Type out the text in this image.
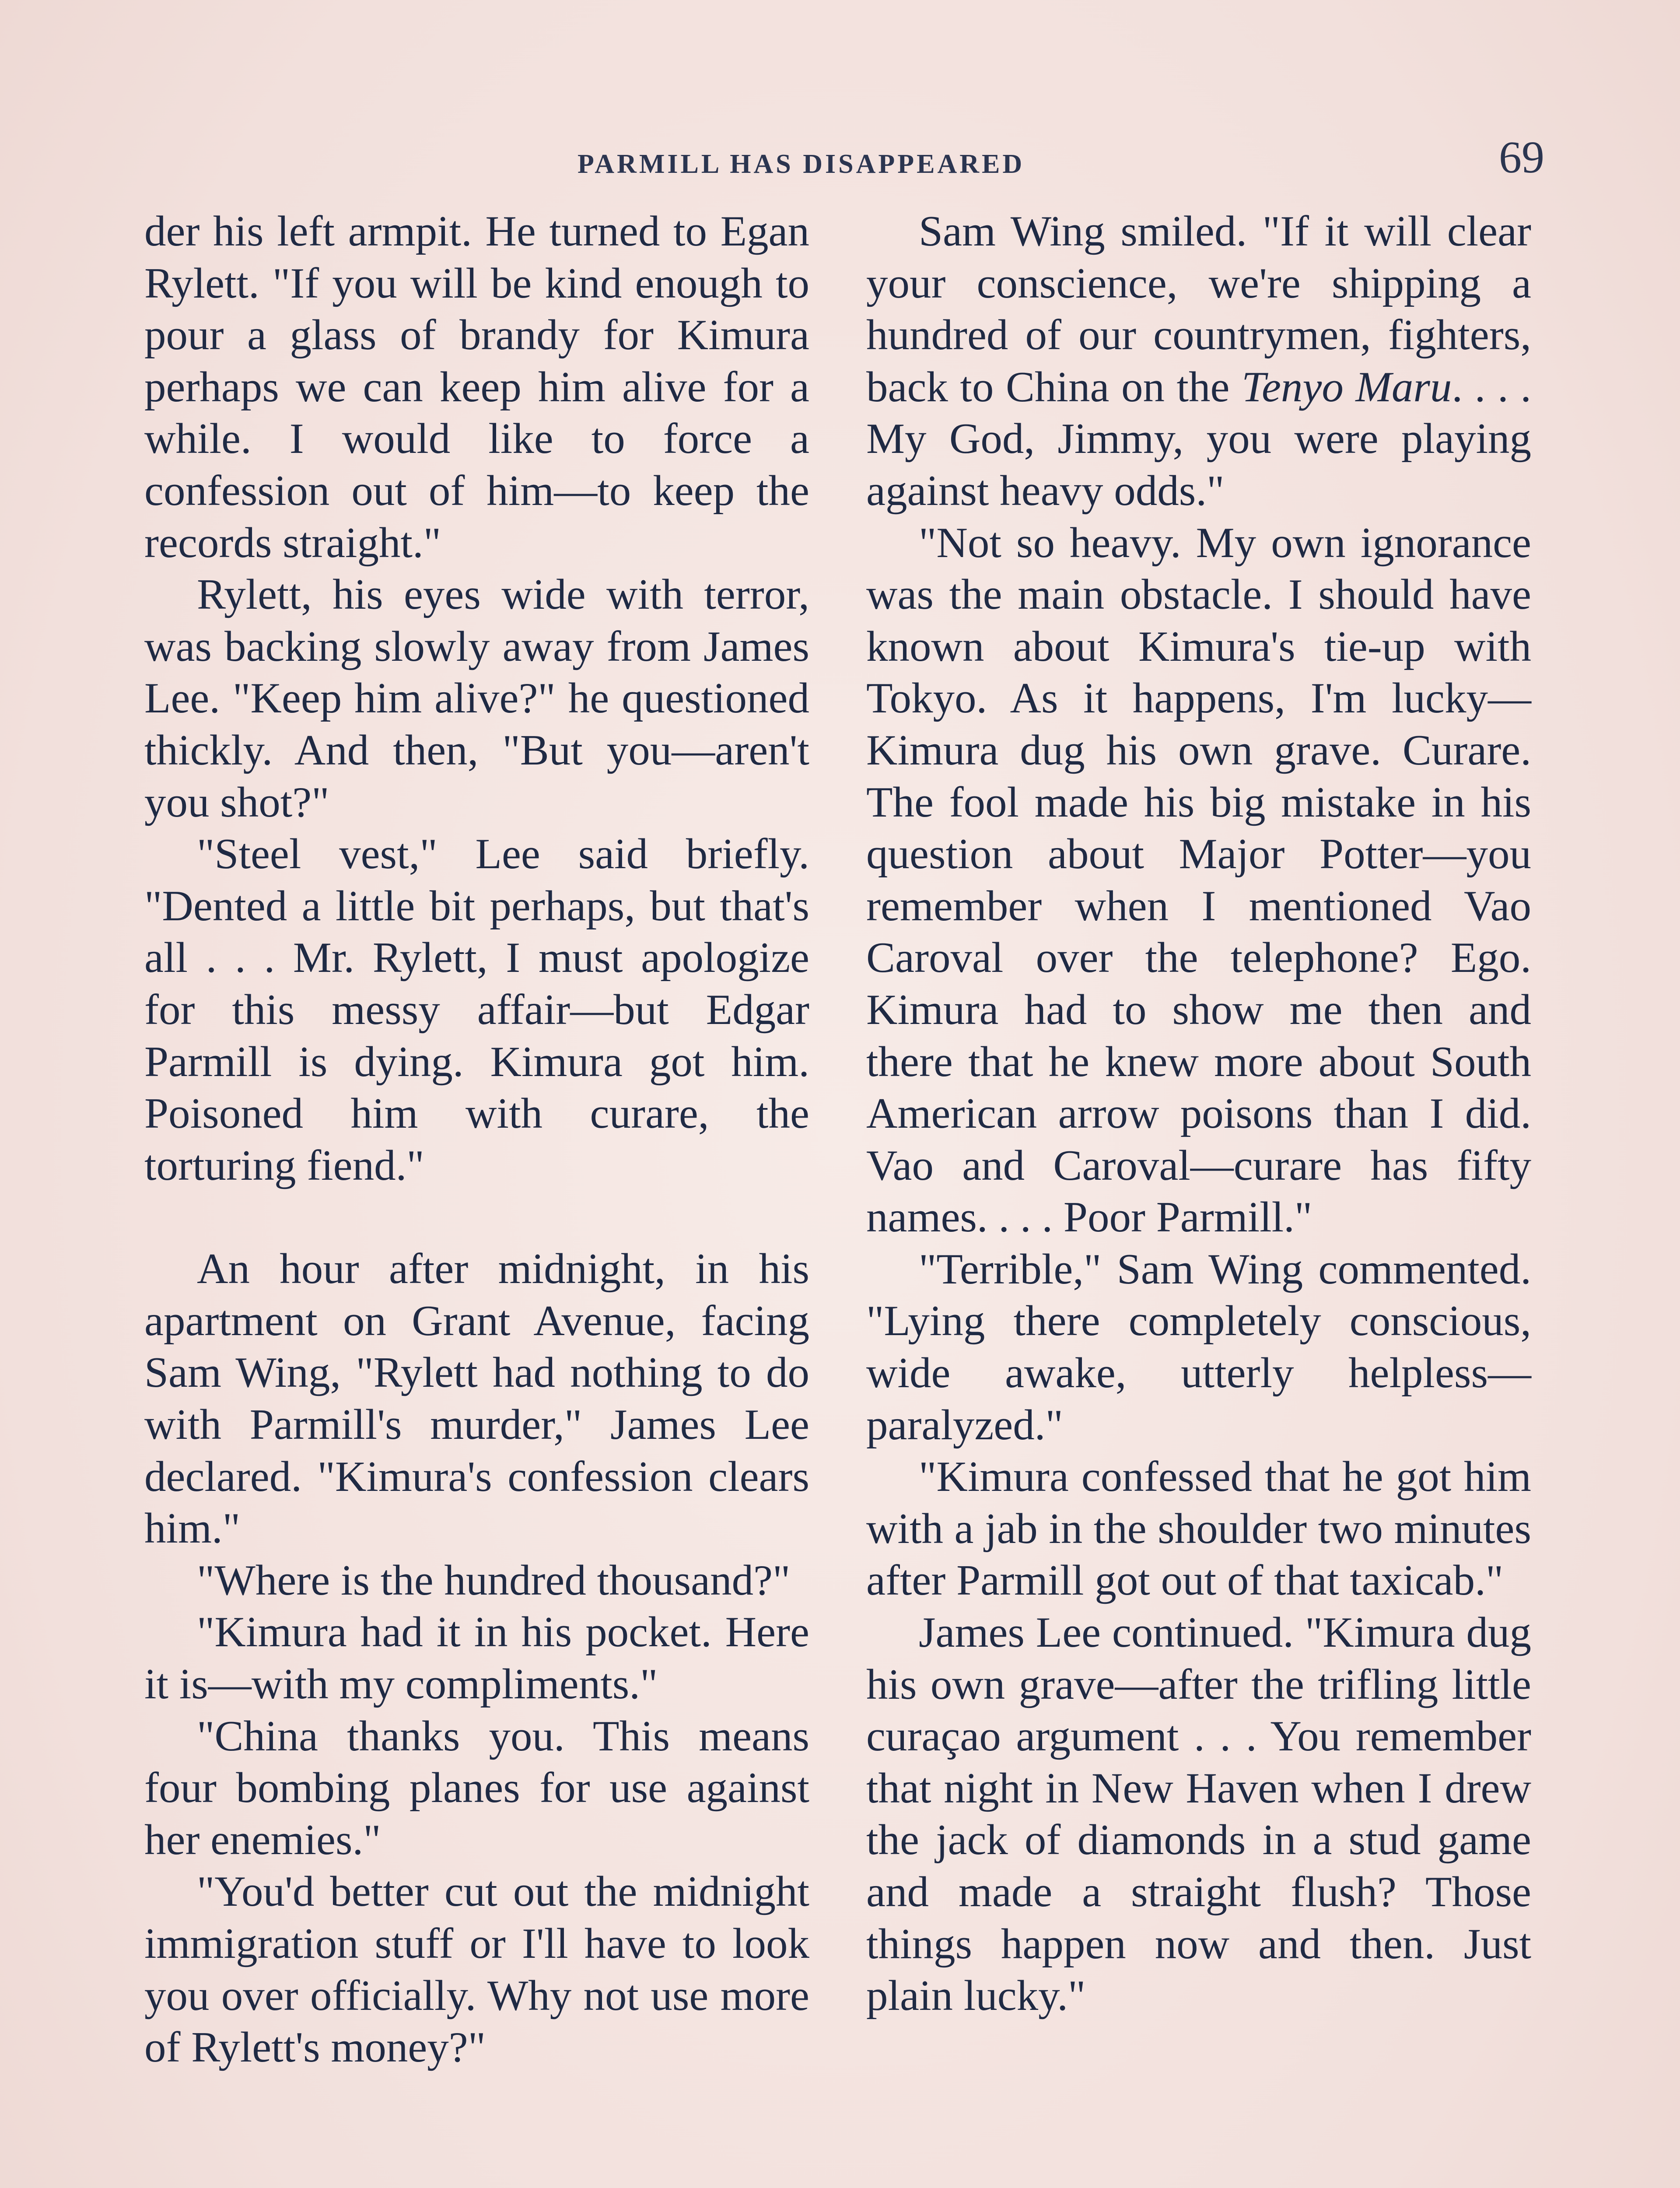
PARMILL HAS DISAPPEARED	69

der his left armpit. He turned to Egan Rylett. "If you will be kind enough to pour a glass of brandy for Kimura perhaps we can keep him alive for a while. I would like to force a confession out of him—to keep the records straight."

Rylett, his eyes wide with terror, was backing slowly away from James Lee. "Keep him alive?" he questioned thickly. And then, "But you—aren't you shot?"

"Steel vest," Lee said briefly. "Dented a little bit perhaps, but that's all . . . Mr. Rylett, I must apologize for this messy affair—but Edgar Parmill is dying. Kimura got him. Poisoned him with curare, the torturing fiend."

An hour after midnight, in his apartment on Grant Avenue, facing Sam Wing, "Rylett had nothing to do with Parmill's murder," James Lee declared. "Kimura's confession clears him."

"Where is the hundred thousand?"

"Kimura had it in his pocket. Here it is—with my compliments."

"China thanks you. This means four bombing planes for use against her enemies."

"You'd better cut out the midnight immigration stuff or I'll have to look you over officially. Why not use more of Rylett's money?"

Sam Wing smiled. "If it will clear your conscience, we're shipping a hundred of our countrymen, fighters, back to China on the Tenyo Maru. . . . My God, Jimmy, you were playing against heavy odds."

"Not so heavy. My own ignorance was the main obstacle. I should have known about Kimura's tie-up with Tokyo. As it happens, I'm lucky—Kimura dug his own grave. Curare. The fool made his big mistake in his question about Major Potter—you remember when I mentioned Vao Caroval over the telephone? Ego. Kimura had to show me then and there that he knew more about South American arrow poisons than I did. Vao and Caroval—curare has fifty names. . . . Poor Parmill."

"Terrible," Sam Wing commented. "Lying there completely conscious, wide awake, utterly helpless—paralyzed."

"Kimura confessed that he got him with a jab in the shoulder two minutes after Parmill got out of that taxicab."

James Lee continued. "Kimura dug his own grave—after the trifling little curaçao argument . . . You remember that night in New Haven when I drew the jack of diamonds in a stud game and made a straight flush? Those things happen now and then. Just plain lucky."
